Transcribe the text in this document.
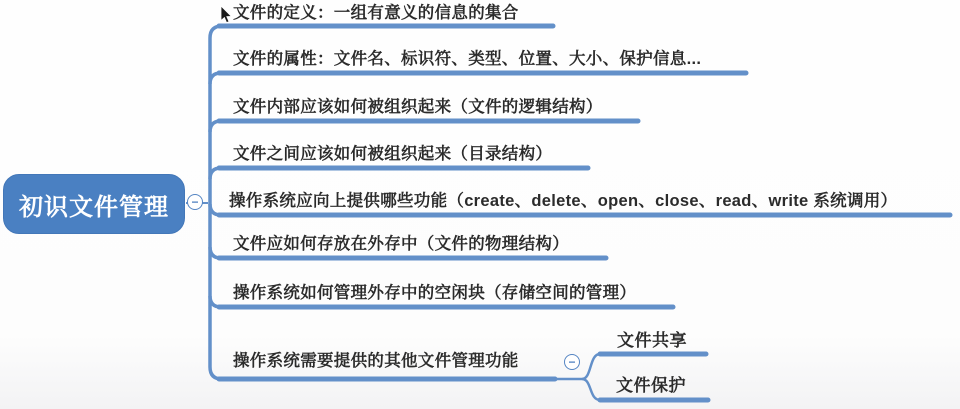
初识文件管理	−
−
文件的定义：一组有意义的信息的集合
文件的属性：文件名、标识符、类型、位置、大小、保护信息...
文件内部应该如何被组织起来（文件的逻辑结构）
文件之间应该如何被组织起来（目录结构）
操作系统应向上提供哪些功能（create、delete、open、close、read、write 系统调用）
文件应如何存放在外存中（文件的物理结构）
操作系统如何管理外存中的空闲块（存储空间的管理）
操作系统需要提供的其他文件管理功能
文件共享
文件保护
